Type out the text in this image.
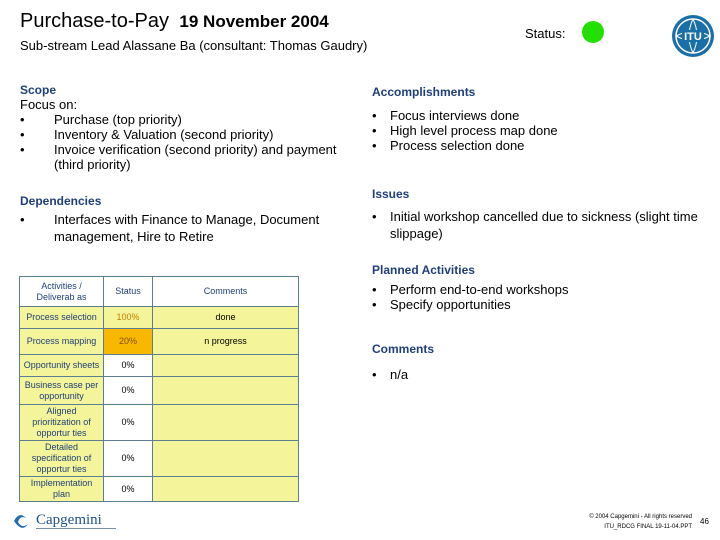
Purchase-to-Pay 19 November 2004
Sub-stream Lead Alassane Ba (consultant: Thomas Gaudry)
Status:	ITU
Scope
Focus on:
• Purchase (top priority)
• Inventory & Valuation (second priority)
• Invoice verification (second priority) and payment (third priority)
Dependencies
• Interfaces with Finance to Manage, Document management, Hire to Retire
Activities / Deliverab as	Status	Comments
Process selection	100%	done
Process mapping	20%	n progress
Opportunity sheets	0%	
Business case per opportunity	0%	
Aligned prioritization of opportur ties	0%	
Detailed specification of opportur ties	0%	
Implementation plan	0%	
Accomplishments
• Focus interviews done
• High level process map done
• Process selection done
Issues
• Initial workshop cancelled due to sickness (slight time slippage)
Planned Activities
• Perform end-to-end workshops
• Specify opportunities
Comments
• n/a
Capgemini	© 2004 Capgemini - All rights reserved
ITU_RDCG FINAL 19-11-04.PPT
46
